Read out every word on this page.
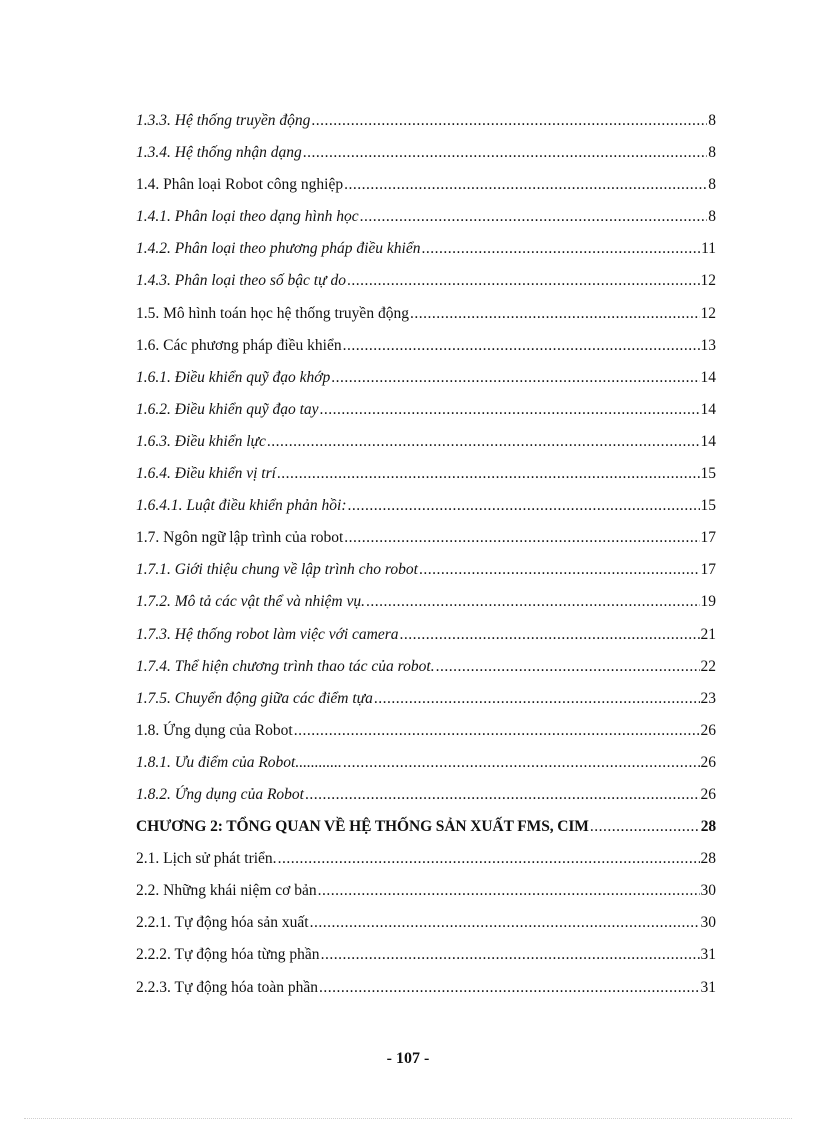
1.3.3. Hệ thống truyền động .....	8
1.3.4. Hệ thống nhận dạng .....	8
1.4. Phân loại Robot công nghiệp .....	8
1.4.1. Phân loại theo dạng hình học .....	8
1.4.2. Phân loại theo phương pháp điều khiển .....	11
1.4.3. Phân loại theo số bậc tự do .....	12
1.5. Mô hình toán học hệ thống truyền động .....	12
1.6. Các phương pháp điều khiển .....	13
1.6.1. Điều khiển quỹ đạo khớp .....	14
1.6.2. Điều khiển quỹ đạo tay .....	14
1.6.3. Điều khiển lực .....	14
1.6.4. Điều khiển vị trí .....	15
1.6.4.1. Luật điều khiển phản hồi: .....	15
1.7. Ngôn ngữ lập trình của robot .....	17
1.7.1. Giới thiệu chung về lập trình cho robot .....	17
1.7.2. Mô tả các vật thể và nhiệm vụ. .....	19
1.7.3. Hệ thống robot làm việc với camera .....	21
1.7.4. Thể hiện chương trình thao tác của robot. .....	22
1.7.5. Chuyển động giữa các điểm tựa .....	23
1.8. Ứng dụng của Robot .....	26
1.8.1. Ưu điểm của Robot............ .....	26
1.8.2. Ứng dụng của Robot .....	26
CHƯƠNG 2: TỔNG QUAN VỀ HỆ THỐNG SẢN XUẤT FMS, CIM .....	28
2.1. Lịch sử phát triển. .....	28
2.2. Những khái niệm cơ bản .....	30
2.2.1. Tự động hóa sản xuất .....	30
2.2.2. Tự động hóa từng phần .....	31
2.2.3. Tự động hóa toàn phần .....	31
- 107 -
